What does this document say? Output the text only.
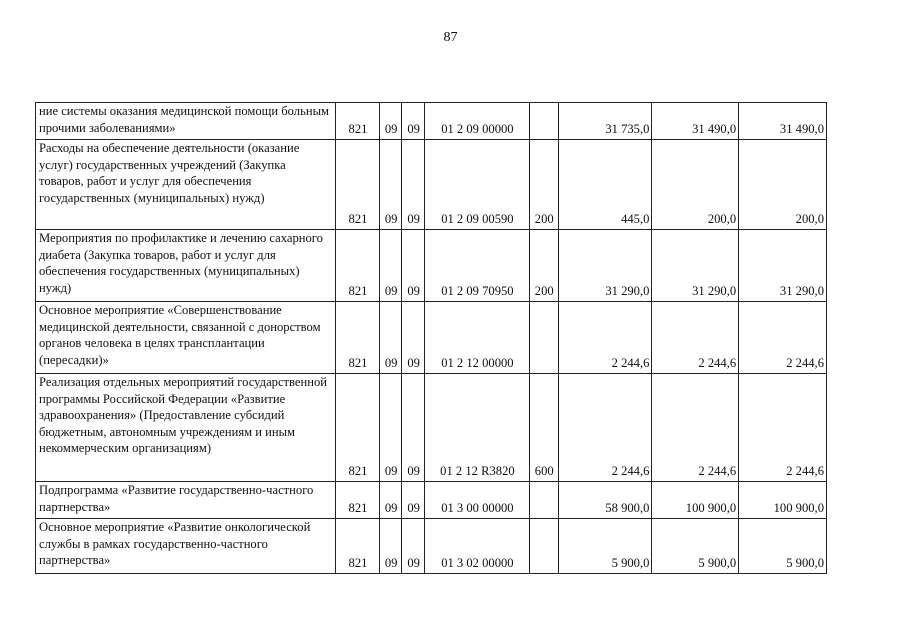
87
ние системы оказания медицинской помощи больным прочими заболеваниями»	821	09	09	01 2 09 00000		31 735,0	31 490,0	31 490,0
Расходы на обеспечение деятельности (оказание услуг) государственных учреждений (Закупка товаров, работ и услуг для обеспечения государственных (муниципальных) нужд)	821	09	09	01 2 09 00590	200	445,0	200,0	200,0
Мероприятия по профилактике и лечению сахарного диабета (Закупка товаров, работ и услуг для обеспечения государственных (муниципальных) нужд)	821	09	09	01 2 09 70950	200	31 290,0	31 290,0	31 290,0
Основное мероприятие «Совершенствование медицинской деятельности, связанной с донорством органов человека в целях трансплантации (пересадки)»	821	09	09	01 2 12 00000		2 244,6	2 244,6	2 244,6
Реализация отдельных мероприятий государственной программы Российской Федерации «Развитие здравоохранения» (Предоставление субсидий бюджетным, автономным учреждениям и иным некоммерческим организациям)	821	09	09	01 2 12 R3820	600	2 244,6	2 244,6	2 244,6
Подпрограмма «Развитие государственно-частного партнерства»	821	09	09	01 3 00 00000		58 900,0	100 900,0	100 900,0
Основное мероприятие «Развитие онкологической службы в рамках государственно-частного партнерства»	821	09	09	01 3 02 00000		5 900,0	5 900,0	5 900,0
